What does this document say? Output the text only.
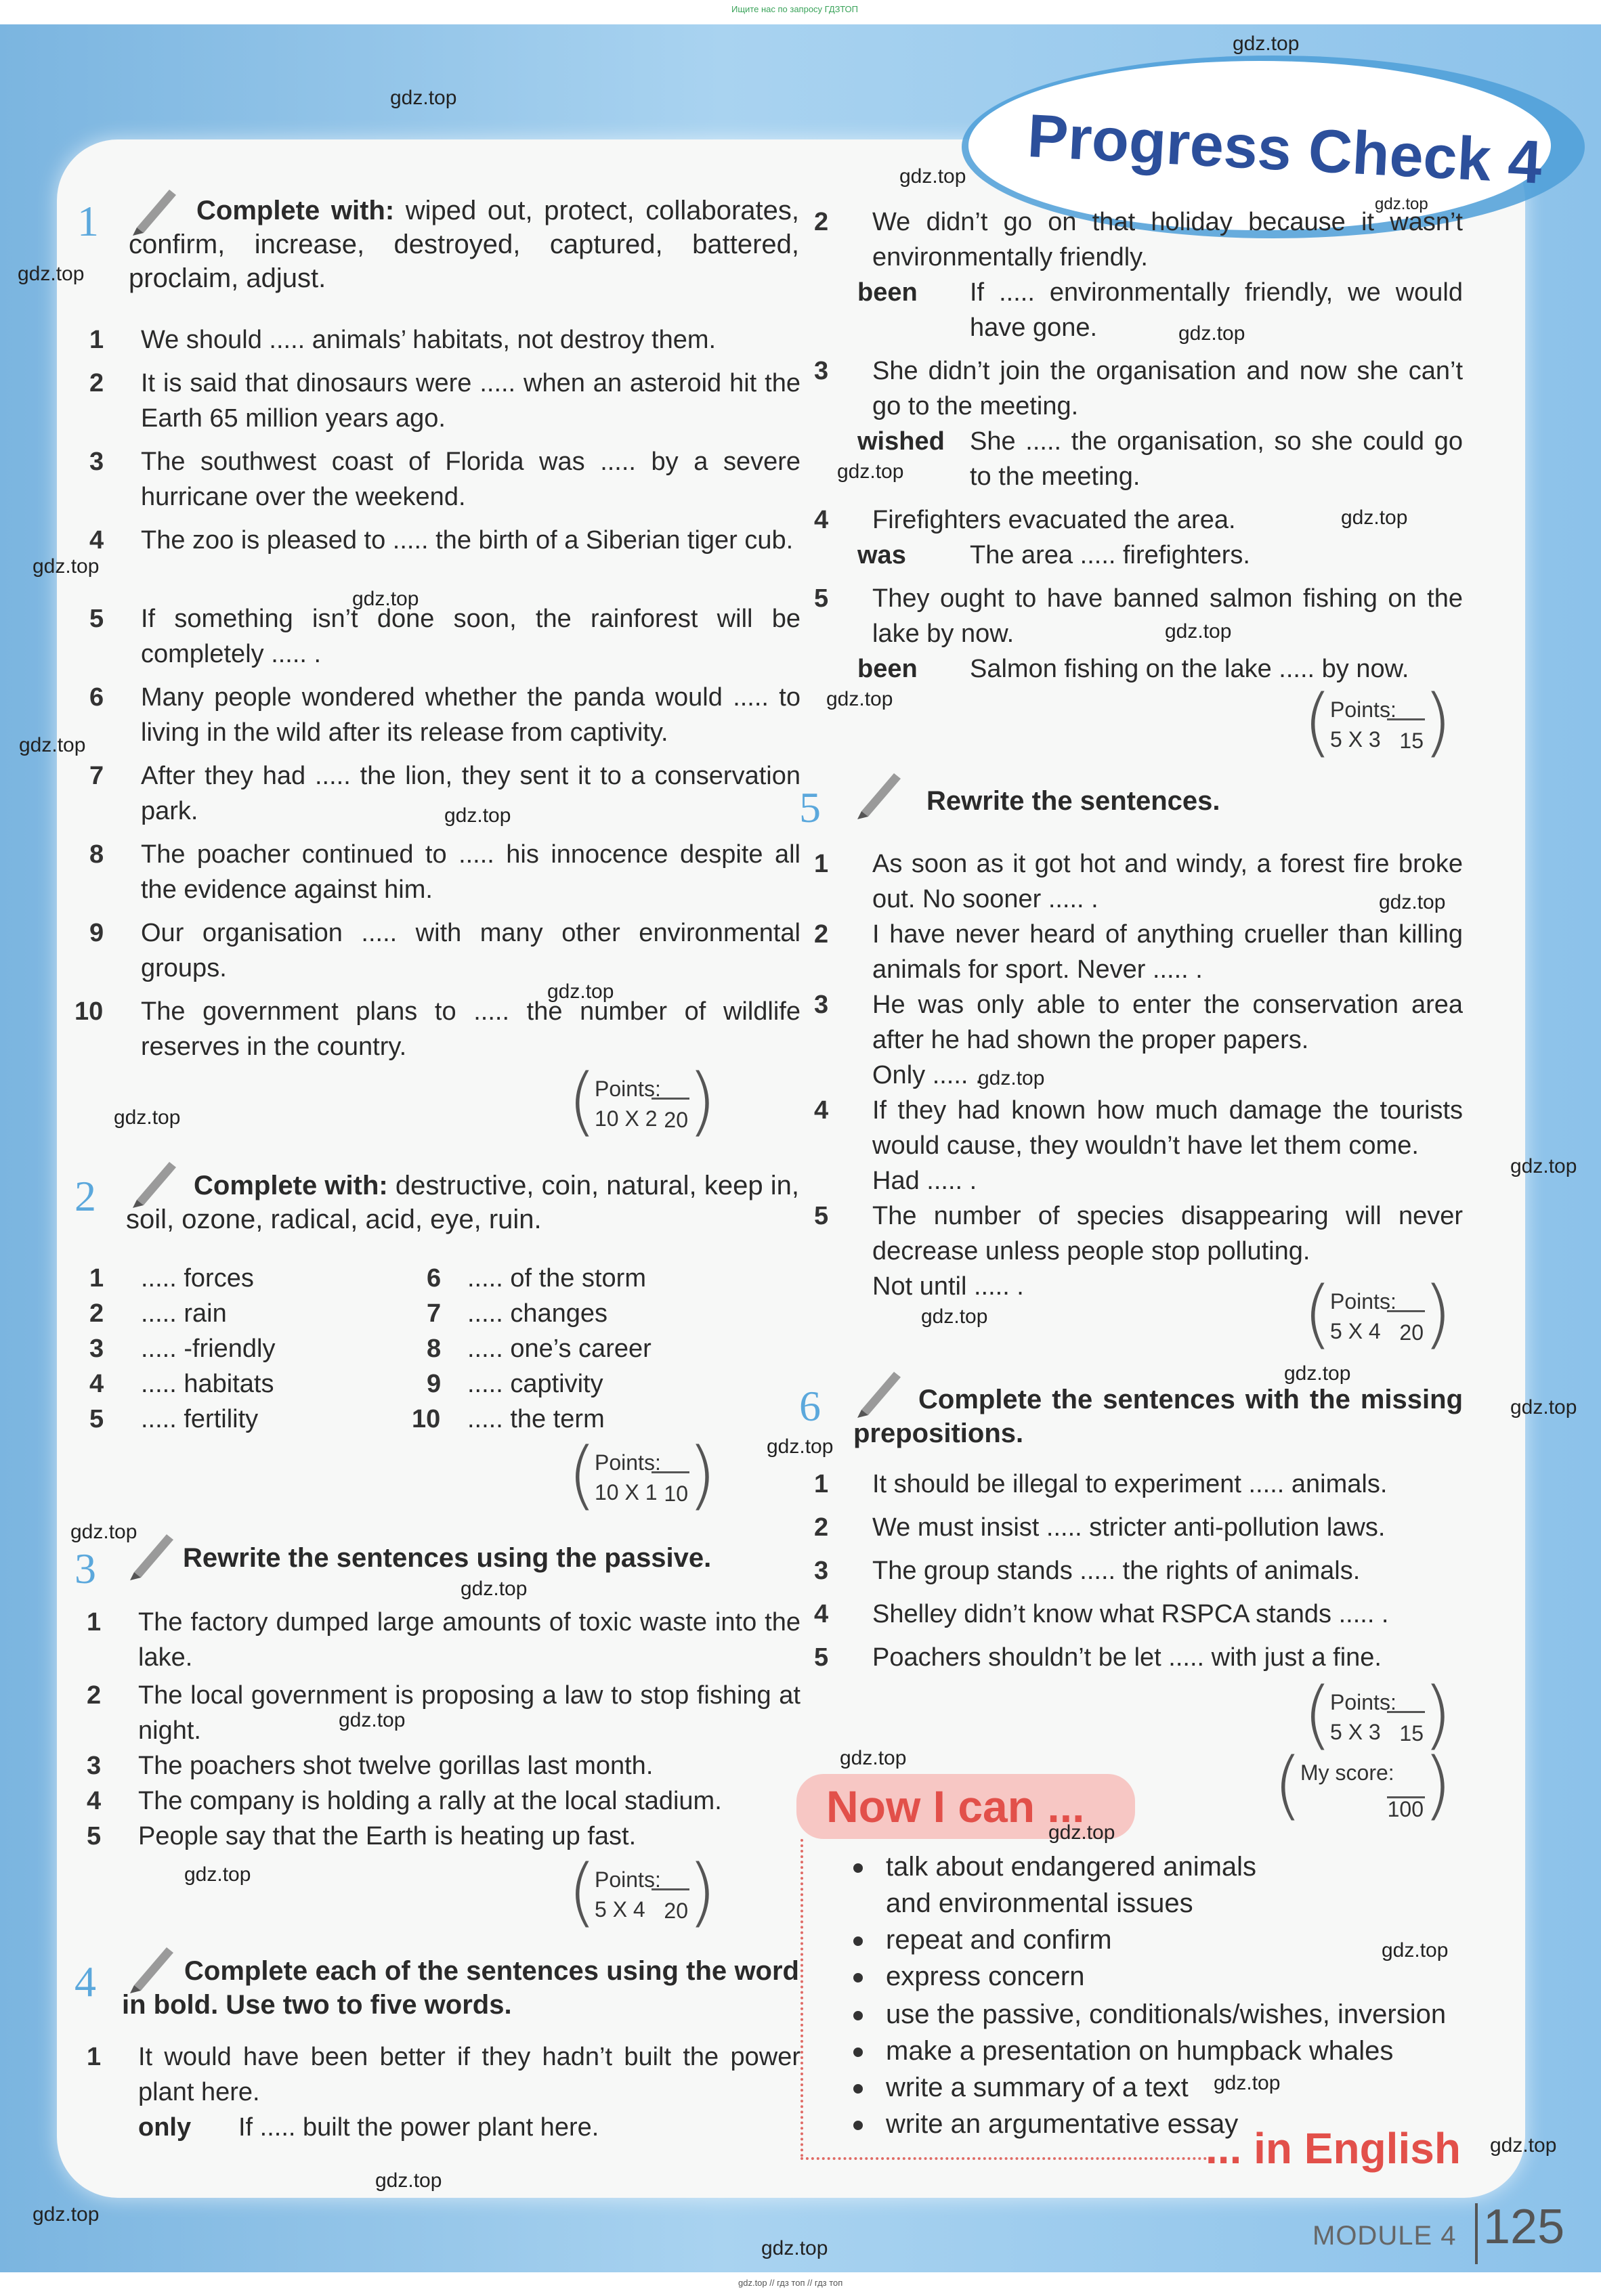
Ищите нас по запросу ГДЗТОП
Progress Check 4
1	Complete with: wiped out, protect, collaborates, confirm, increase, destroyed, captured, battered, proclaim, adjust.
1 We should ..... animals’ habitats, not destroy them.
2 It is said that dinosaurs were ..... when an asteroid hit the Earth 65 million years ago.
3 The southwest coast of Florida was ..... by a severe hurricane over the weekend.
4 The zoo is pleased to ..... the birth of a Siberian tiger cub.
5 If something isn’t done soon, the rainforest will be completely ..... .
6 Many people wondered whether the panda would ..... to living in the wild after its release from captivity.
7 After they had ..... the lion, they sent it to a conservation park.
8 The poacher continued to ..... his innocence despite all the evidence against him.
9 Our organisation ..... with many other environmental groups.
10 The government plans to ..... the number of wildlife reserves in the country.
( )
Points:
10 X 2 20
2	Complete with: destructive, coin, natural, keep in, soil, ozone, radical, acid, eye, ruin.
1 ..... forces
2 ..... rain
3 ..... -friendly
4 ..... habitats
5 ..... fertility
6 ..... of the storm
7 ..... changes
8 ..... one’s career
9 ..... captivity
10 ..... the term
( )
Points:
10 X 1 10
3	Rewrite the sentences using the passive.
1 The factory dumped large amounts of toxic waste into the lake.
2 The local government is proposing a law to stop fishing at night.
3 The poachers shot twelve gorillas last month.
4 The company is holding a rally at the local stadium.
5 People say that the Earth is heating up fast.
( )
Points:
5 X 4 20
4	Complete each of the sentences using the word in bold. Use two to five words.
1 It would have been better if they hadn’t built the power plant here.
only If ..... built the power plant here.
2 We didn’t go on that holiday because it wasn’t environmentally friendly.
been If ..... environmentally friendly, we would have gone.
3 She didn’t join the organisation and now she can’t go to the meeting.
wished She ..... the organisation, so she could go to the meeting.
4 Firefighters evacuated the area.
was The area ..... firefighters.
5 They ought to have banned salmon fishing on the lake by now.
been Salmon fishing on the lake ..... by now.
( )
Points:
5 X 3 15
5	Rewrite the sentences.
1 As soon as it got hot and windy, a forest fire broke out. No sooner ..... .
2 I have never heard of anything crueller than killing animals for sport. Never ..... .
3 He was only able to enter the conservation area after he had shown the proper papers.
Only ..... .
4 If they had known how much damage the tourists would cause, they wouldn’t have let them come.
Had ..... .
5 The number of species disappearing will never decrease unless people stop polluting.
Not until ..... .	( )
Points:
5 X 4 20
6	Complete the sentences with the missing prepositions.
1 It should be illegal to experiment ..... animals.
2 We must insist ..... stricter anti-pollution laws.
3 The group stands ..... the rights of animals.
4 Shelley didn’t know what RSPCA stands ..... .
5 Poachers shouldn’t be let ..... with just a fine.
( )
Points:
5 X 3 15
( )
My score:
100
Now I can ...
talk about endangered animals and environmental issues
repeat and confirm
express concern
use the passive, conditionals/wishes, inversion
make a presentation on humpback whales
write a summary of a text
write an argumentative essay
... in English
MODULE 4 125
gdz.top // гдз топ // гдз топ
gdz.top
gdz.top
gdz.top
gdz.top
gdz.top
gdz.top
gdz.top
gdz.top
gdz.top
gdz.top
gdz.top
gdz.top
gdz.top
gdz.top
gdz.top
gdz.top
gdz.top
gdz.top
gdz.top
gdz.top
gdz.top
gdz.top
gdz.top
gdz.top
gdz.top
gdz.top
gdz.top
gdz.top
gdz.top
gdz.top
gdz.top
gdz.top
gdz.top
gdz.top
gdz.top
